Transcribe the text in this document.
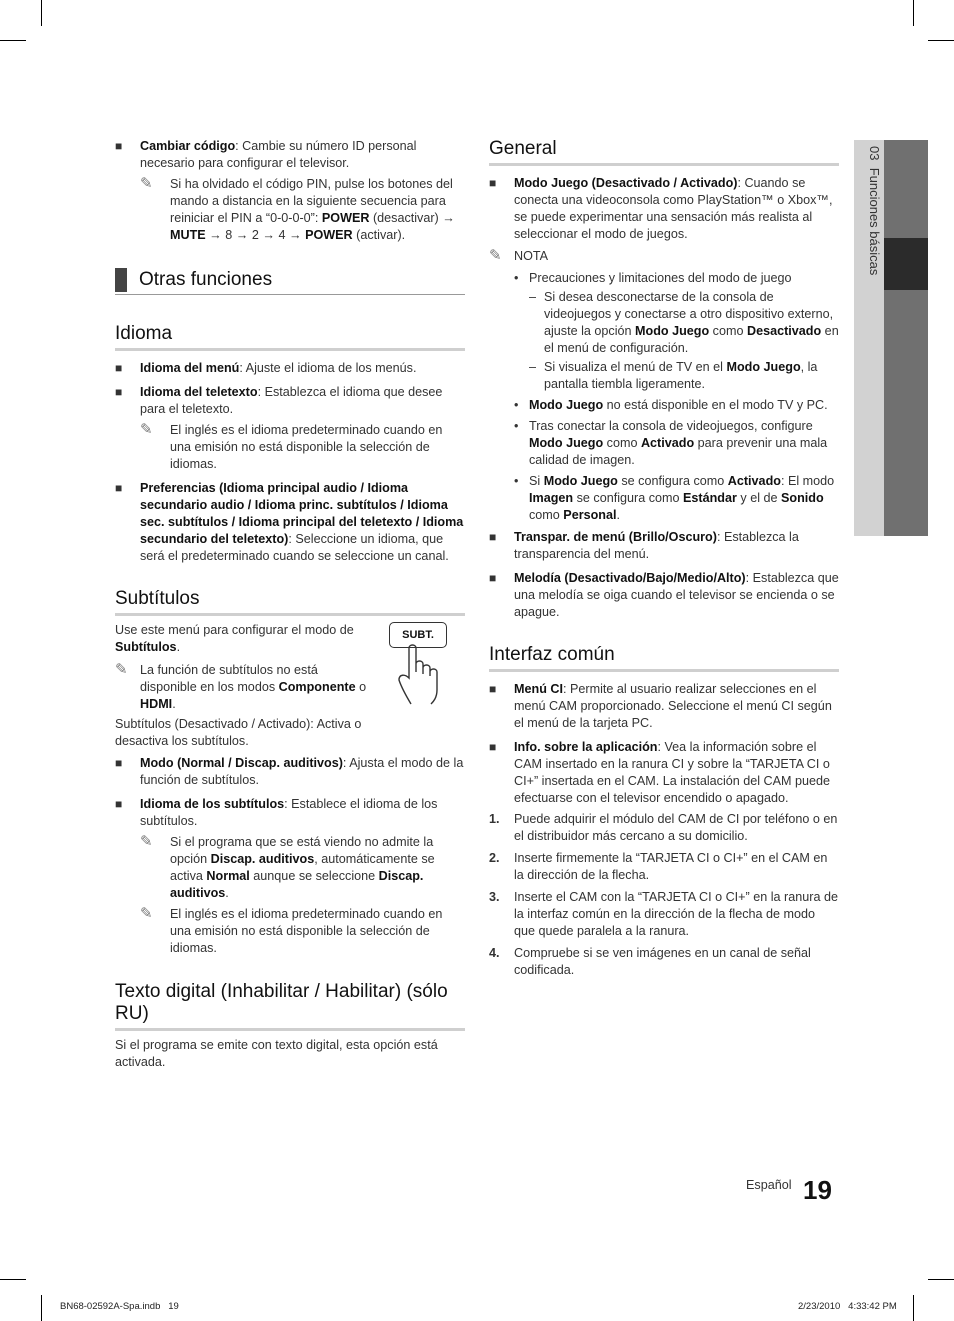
■ Cambiar código: Cambie su número ID personal necesario para configurar el televisor.
✎ Si ha olvidado el código PIN, pulse los botones del mando a distancia en la siguiente secuencia para reiniciar el PIN a “0-0-0-0”: POWER (desactivar) → MUTE → 8 → 2 → 4 → POWER (activar).
Otras funciones
Idioma
■ Idioma del menú: Ajuste el idioma de los menús.
■ Idioma del teletexto: Establezca el idioma que desee para el teletexto.
✎ El inglés es el idioma predeterminado cuando en una emisión no está disponible la selección de idiomas.
■ Preferencias (Idioma principal audio / Idioma secundario audio / Idioma princ. subtítulos / Idioma sec. subtítulos / Idioma principal del teletexto / Idioma secundario del teletexto): Seleccione un idioma, que será el predeterminado cuando se seleccione un canal.
Subtítulos
Use este menú para configurar el modo de Subtítulos.
✎ La función de subtítulos no está disponible en los modos Componente o HDMI.
Subtítulos (Desactivado / Activado): Activa o desactiva los subtítulos.
SUBT.
■ Modo (Normal / Discap. auditivos): Ajusta el modo de la función de subtítulos.
■ Idioma de los subtítulos: Establece el idioma de los subtítulos.
✎ Si el programa que se está viendo no admite la opción Discap. auditivos, automáticamente se activa Normal aunque se seleccione Discap. auditivos.
✎ El inglés es el idioma predeterminado cuando en una emisión no está disponible la selección de idiomas.
Texto digital (Inhabilitar / Habilitar) (sólo RU)
Si el programa se emite con texto digital, esta opción está activada.
General
■ Modo Juego (Desactivado / Activado): Cuando se conecta una videoconsola como PlayStation™ o Xbox™, se puede experimentar una sensación más realista al seleccionar el modo de juegos.
✎ NOTA
• Precauciones y limitaciones del modo de juego
– Si desea desconectarse de la consola de videojuegos y conectarse a otro dispositivo externo, ajuste la opción Modo Juego como Desactivado en el menú de configuración.
– Si visualiza el menú de TV en el Modo Juego, la pantalla tiembla ligeramente.
• Modo Juego no está disponible en el modo TV y PC.
• Tras conectar la consola de videojuegos, configure Modo Juego como Activado para prevenir una mala calidad de imagen.
• Si Modo Juego se configura como Activado: El modo Imagen se configura como Estándar y el de Sonido como Personal.
■ Transpar. de menú (Brillo/Oscuro): Establezca la transparencia del menú.
■ Melodía (Desactivado/Bajo/Medio/Alto): Establezca que una melodía se oiga cuando el televisor se encienda o se apague.
Interfaz común
■ Menú CI: Permite al usuario realizar selecciones en el menú CAM proporcionado. Seleccione el menú CI según el menú de la tarjeta PC.
■ Info. sobre la aplicación: Vea la información sobre el CAM insertado en la ranura CI y sobre la “TARJETA CI o CI+” insertada en el CAM. La instalación del CAM puede efectuarse con el televisor encendido o apagado.
1. Puede adquirir el módulo del CAM de CI por teléfono o en el distribuidor más cercano a su domicilio.
2. Inserte firmemente la “TARJETA CI o CI+” en el CAM en la dirección de la flecha.
3. Inserte el CAM con la “TARJETA CI o CI+” en la ranura de la interfaz común en la dirección de la flecha de modo que quede paralela a la ranura.
4. Compruebe si se ven imágenes en un canal de señal codificada.
03  Funciones básicas
Español 19
BN68-02592A-Spa.indb   19	2/23/2010   4:33:42 PM
